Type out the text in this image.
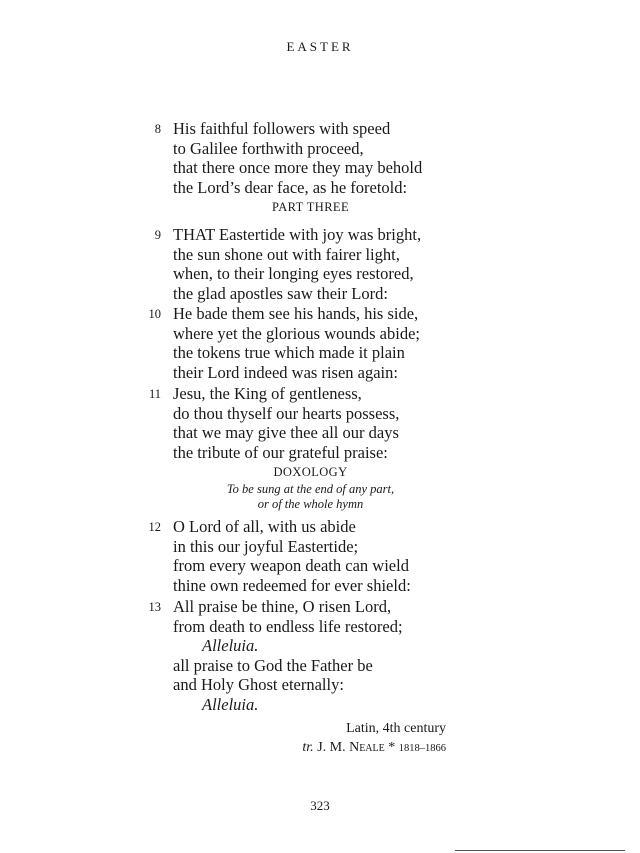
EASTER
8 His faithful followers with speed
to Galilee forthwith proceed,
that there once more they may behold
the Lord’s dear face, as he foretold:
PART THREE
9 THAT Eastertide with joy was bright,
the sun shone out with fairer light,
when, to their longing eyes restored,
the glad apostles saw their Lord:
10 He bade them see his hands, his side,
where yet the glorious wounds abide;
the tokens true which made it plain
their Lord indeed was risen again:
11 Jesu, the King of gentleness,
do thou thyself our hearts possess,
that we may give thee all our days
the tribute of our grateful praise:
DOXOLOGY
To be sung at the end of any part,
or of the whole hymn
12 O Lord of all, with us abide
in this our joyful Eastertide;
from every weapon death can wield
thine own redeemed for ever shield:
13 All praise be thine, O risen Lord,
from death to endless life restored;
Alleluia.
all praise to God the Father be
and Holy Ghost eternally:
Alleluia.
Latin, 4th century
tr. J. M. Neale * 1818–1866
323
